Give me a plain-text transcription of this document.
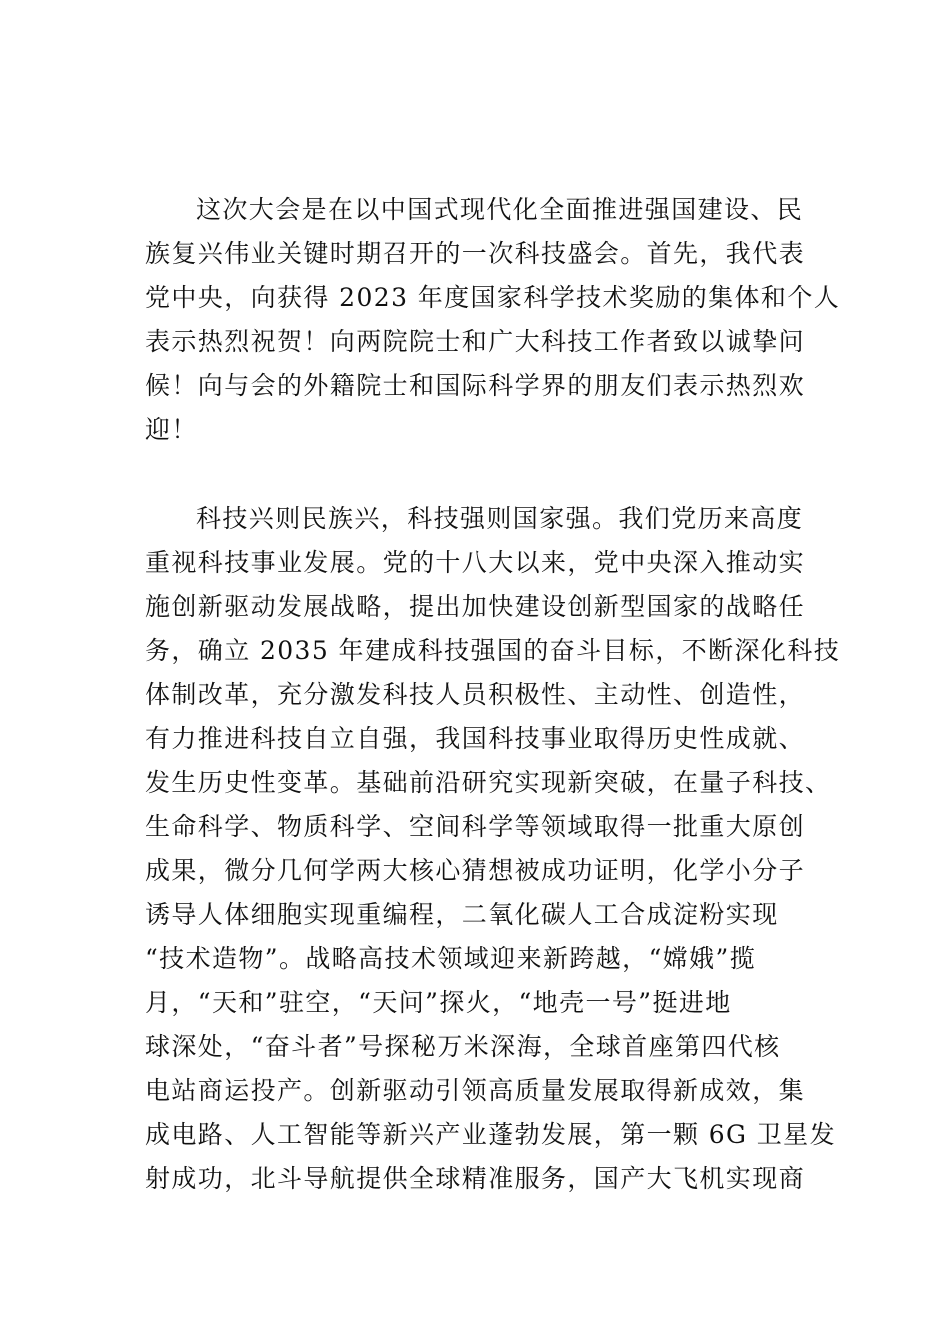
这次大会是在以中国式现代化全面推进强国建设、民
族复兴伟业关键时期召开的一次科技盛会。首先，我代表
党中央，向获得 2023 年度国家科学技术奖励的集体和个人
表示热烈祝贺！向两院院士和广大科技工作者致以诚挚问
候！向与会的外籍院士和国际科学界的朋友们表示热烈欢
迎！
科技兴则民族兴，科技强则国家强。我们党历来高度
重视科技事业发展。党的十八大以来，党中央深入推动实
施创新驱动发展战略，提出加快建设创新型国家的战略任
务，确立 2035 年建成科技强国的奋斗目标，不断深化科技
体制改革，充分激发科技人员积极性、主动性、创造性，
有力推进科技自立自强，我国科技事业取得历史性成就、
发生历史性变革。基础前沿研究实现新突破，在量子科技、
生命科学、物质科学、空间科学等领域取得一批重大原创
成果，微分几何学两大核心猜想被成功证明，化学小分子
诱导人体细胞实现重编程，二氧化碳人工合成淀粉实现
“技术造物”。战略高技术领域迎来新跨越，“嫦娥”揽
月，“天和”驻空，“天问”探火，“地壳一号”挺进地
球深处，“奋斗者”号探秘万米深海，全球首座第四代核
电站商运投产。创新驱动引领高质量发展取得新成效，集
成电路、人工智能等新兴产业蓬勃发展，第一颗 6G 卫星发
射成功，北斗导航提供全球精准服务，国产大飞机实现商
